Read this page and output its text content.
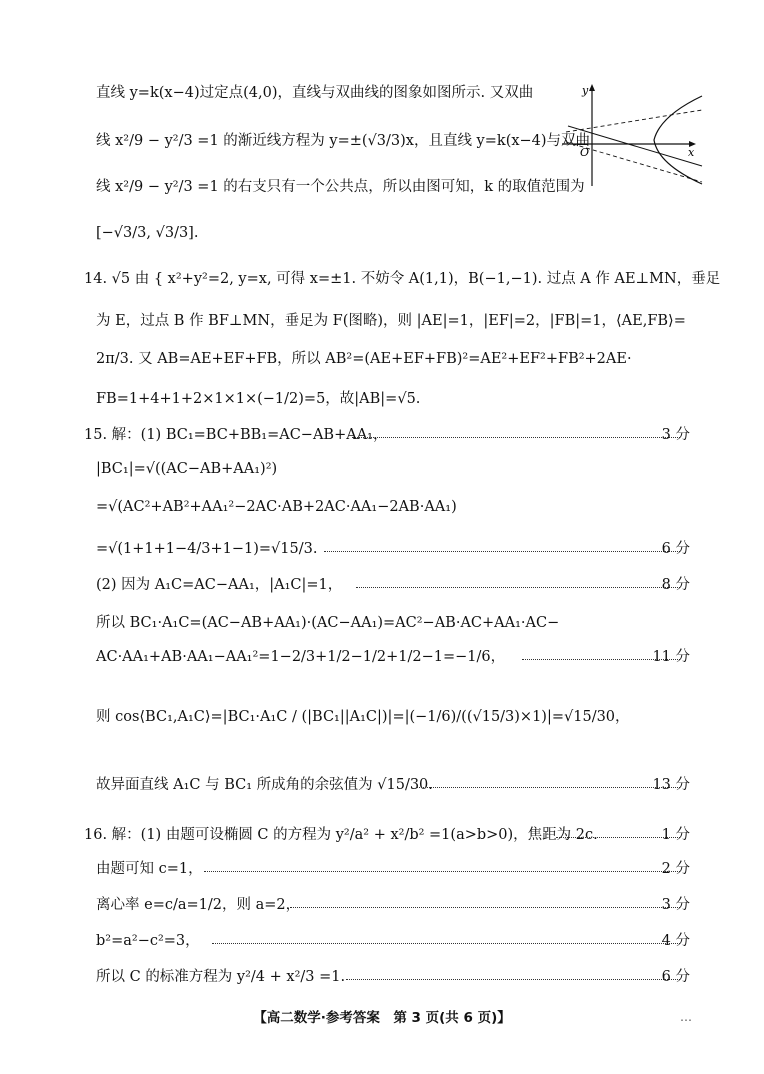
直线 y=k(x−4)过定点(4,0)，直线与双曲线的图象如图所示. 又双曲
线 x²/9 − y²/3 =1 的渐近线方程为 y=±(√3/3)x，且直线 y=k(x−4)与双曲
线 x²/9 − y²/3 =1 的右支只有一个公共点，所以由图可知，k 的取值范围为
[−√3/3, √3/3].
14. √5 由 { x²+y²=2, y=x, 可得 x=±1. 不妨令 A(1,1)，B(−1,−1). 过点 A 作 AE⊥MN，垂足
为 E，过点 B 作 BF⊥MN，垂足为 F(图略)，则 |AE|=1，|EF|=2，|FB|=1，⟨AE,FB⟩=
2π/3. 又 AB=AE+EF+FB，所以 AB²=(AE+EF+FB)²=AE²+EF²+FB²+2AE·
FB=1+4+1+2×1×1×(−1/2)=5，故|AB|=√5.
15. 解：(1) BC₁=BC+BB₁=AC−AB+AA₁，	3 分
|BC₁|=√((AC−AB+AA₁)²)
=√(AC²+AB²+AA₁²−2AC·AB+2AC·AA₁−2AB·AA₁)
=√(1+1+1−4/3+1−1)=√15/3.	6 分
(2) 因为 A₁C=AC−AA₁，|A₁C|=1，	8 分
所以 BC₁·A₁C=(AC−AB+AA₁)·(AC−AA₁)=AC²−AB·AC+AA₁·AC−
AC·AA₁+AB·AA₁−AA₁²=1−2/3+1/2−1/2+1/2−1=−1/6，	11 分
则 cos⟨BC₁,A₁C⟩=|BC₁·A₁C / (|BC₁||A₁C|)|=|(−1/6)/((√15/3)×1)|=√15/30，
故异面直线 A₁C 与 BC₁ 所成角的余弦值为 √15/30.	13 分
16. 解：(1) 由题可设椭圆 C 的方程为 y²/a² + x²/b² =1(a>b>0)，焦距为 2c.	1 分
由题可知 c=1，	2 分
离心率 e=c/a=1/2，则 a=2，	3 分
b²=a²−c²=3，	4 分
所以 C 的标准方程为 y²/4 + x²/3 =1.	6 分
y
x
O
【高二数学·参考答案　第 3 页(共 6 页)】	…
